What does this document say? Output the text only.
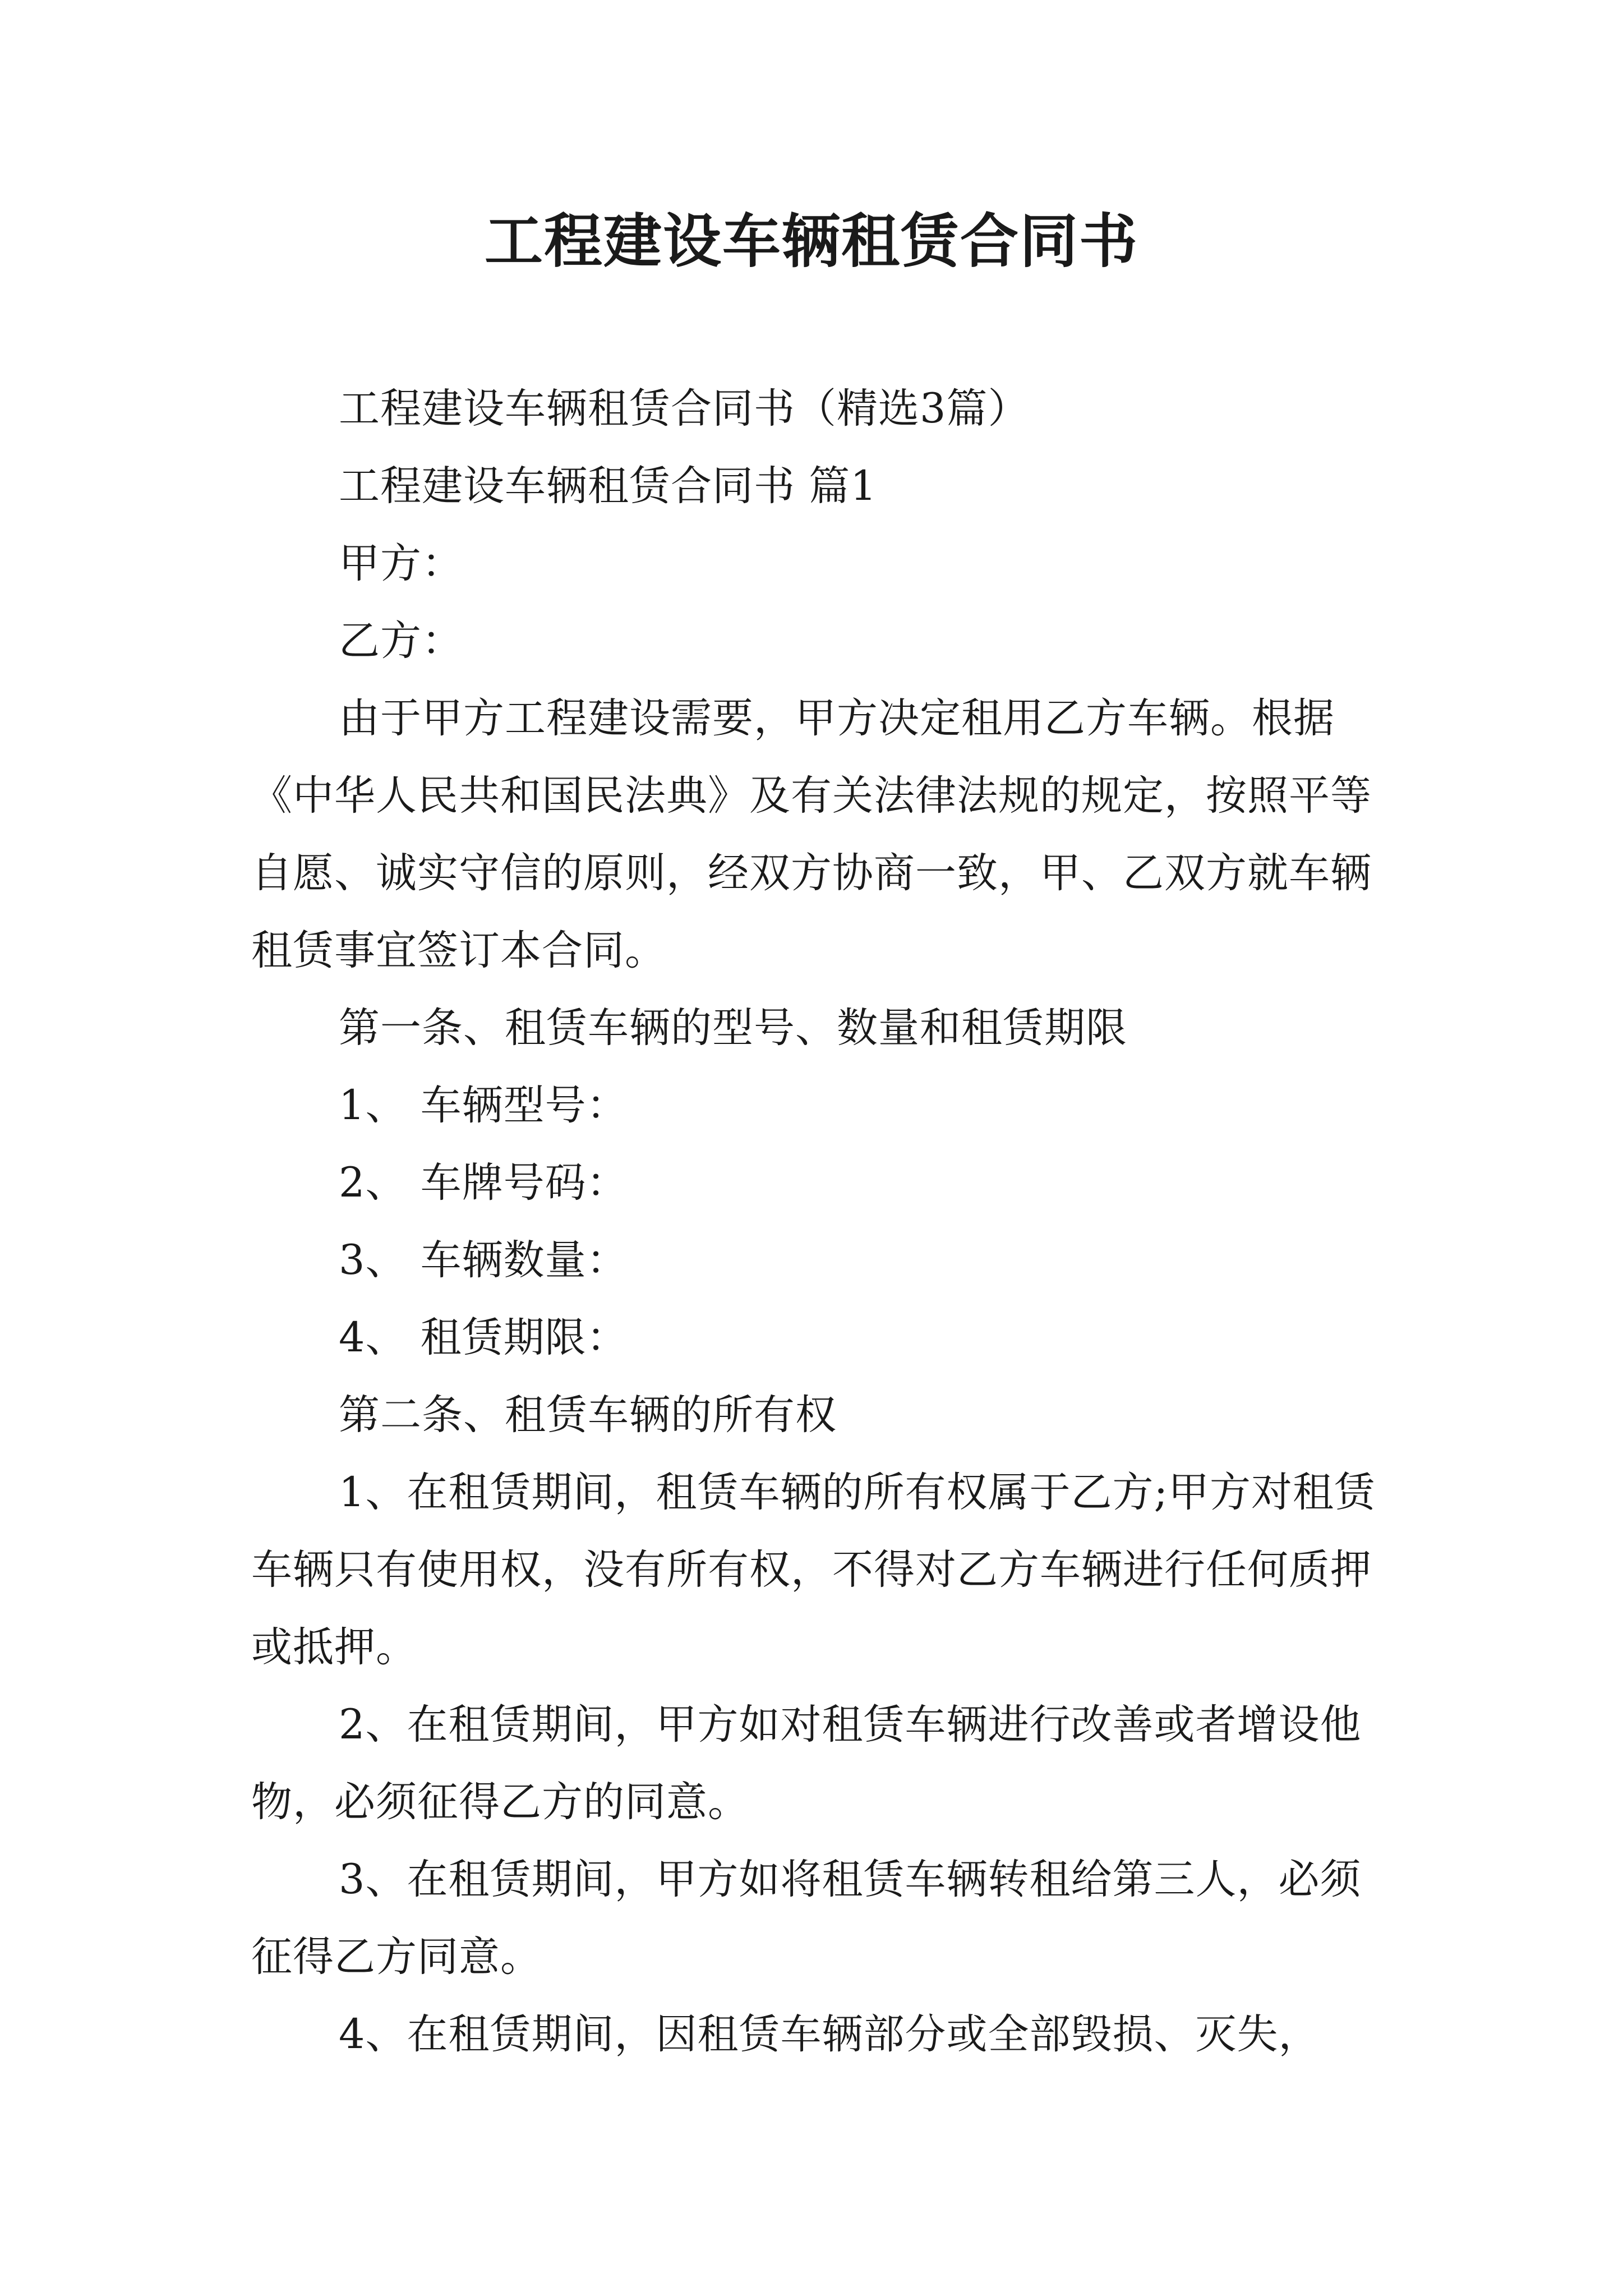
工程建设车辆租赁合同书

工程建设车辆租赁合同书（精选3篇）

工程建设车辆租赁合同书 篇1

甲方：

乙方：

由于甲方工程建设需要，甲方决定租用乙方车辆。根据《中华人民共和国民法典》及有关法律法规的规定，按照平等自愿、诚实守信的原则，经双方协商一致，甲、乙双方就车辆租赁事宜签订本合同。

第一条、租赁车辆的型号、数量和租赁期限

1、 车辆型号：

2、 车牌号码：

3、 车辆数量：

4、 租赁期限：

第二条、租赁车辆的所有权

1、在租赁期间，租赁车辆的所有权属于乙方;甲方对租赁车辆只有使用权，没有所有权，不得对乙方车辆进行任何质押或抵押。

2、在租赁期间，甲方如对租赁车辆进行改善或者增设他物，必须征得乙方的同意。

3、在租赁期间，甲方如将租赁车辆转租给第三人，必须征得乙方同意。

4、在租赁期间，因租赁车辆部分或全部毁损、灭失，
